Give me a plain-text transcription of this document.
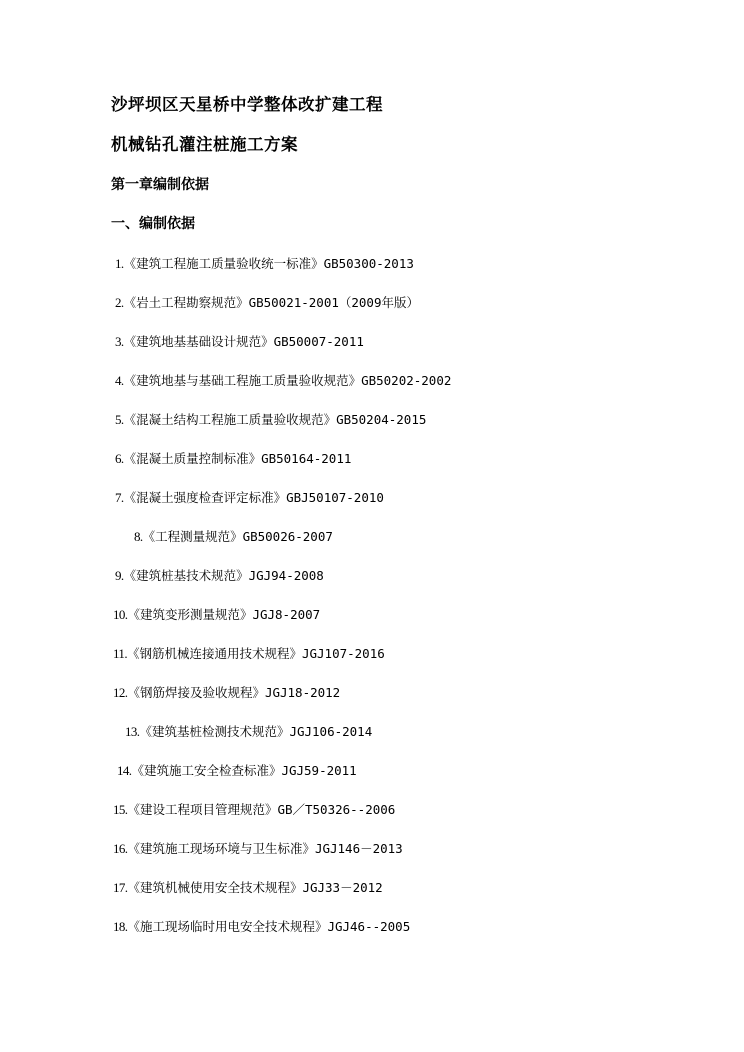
沙坪坝区天星桥中学整体改扩建工程
机械钻孔灌注桩施工方案
第一章编制依据
一、编制依据
1.《建筑工程施工质量验收统一标准》GB50300-2013
2.《岩土工程勘察规范》GB50021-2001（2009年版）
3.《建筑地基基础设计规范》GB50007-2011
4.《建筑地基与基础工程施工质量验收规范》GB50202-2002
5.《混凝土结构工程施工质量验收规范》GB50204-2015
6.《混凝土质量控制标准》GB50164-2011
7.《混凝土强度检查评定标准》GBJ50107-2010
8.《工程测量规范》GB50026-2007
9.《建筑桩基技术规范》JGJ94-2008
10.《建筑变形测量规范》JGJ8-2007
11.《钢筋机械连接通用技术规程》JGJ107-2016
12.《钢筋焊接及验收规程》JGJ18-2012
13.《建筑基桩检测技术规范》JGJ106-2014
14.《建筑施工安全检查标准》JGJ59-2011
15.《建设工程项目管理规范》GB／T50326--2006
16.《建筑施工现场环境与卫生标准》JGJ146－2013
17.《建筑机械使用安全技术规程》JGJ33－2012
18.《施工现场临时用电安全技术规程》JGJ46--2005
